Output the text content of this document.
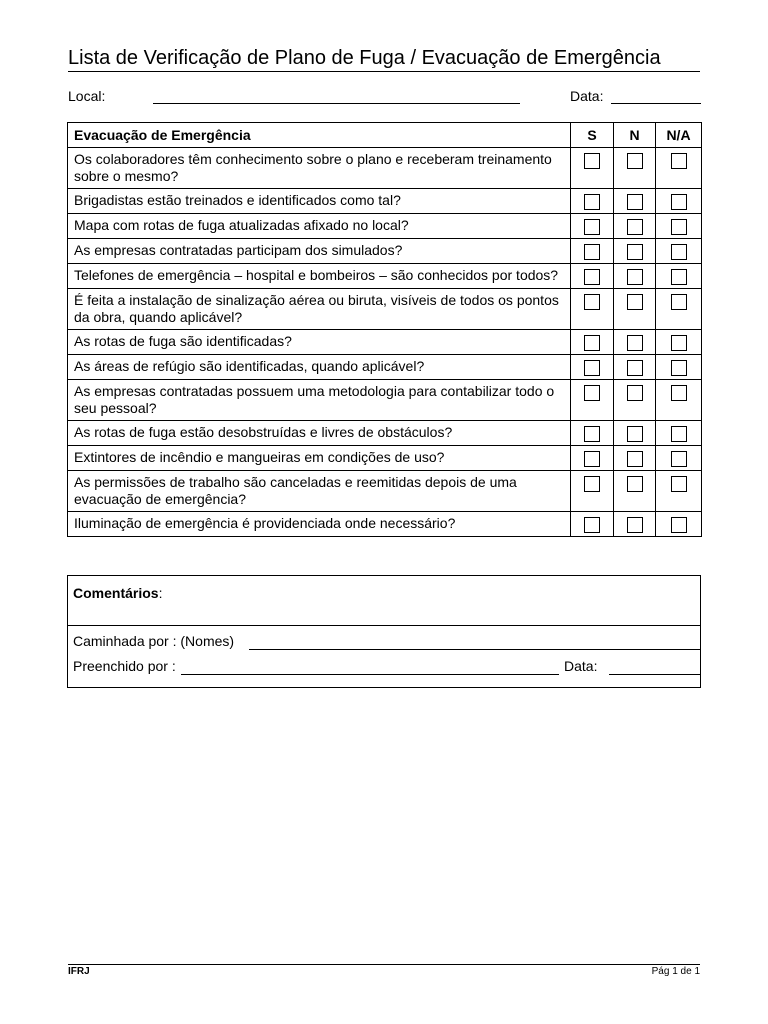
Lista de Verificação de Plano de Fuga / Evacuação de Emergência
Local:	Data:
Evacuação de Emergência	S	N	N/A
Os colaboradores têm conhecimento sobre o plano e receberam treinamento sobre o mesmo?			
Brigadistas estão treinados e identificados como tal?			
Mapa com rotas de fuga atualizadas afixado no local?			
As empresas contratadas participam dos simulados?			
Telefones de emergência – hospital e bombeiros – são conhecidos por todos?			
É feita a instalação de sinalização aérea ou biruta, visíveis de todos os pontos da obra, quando aplicável?			
As rotas de fuga são identificadas?			
As áreas de refúgio são identificadas, quando aplicável?			
As empresas contratadas possuem uma metodologia para contabilizar todo o seu pessoal?			
As rotas de fuga estão desobstruídas e livres de obstáculos?			
Extintores de incêndio e mangueiras em condições de uso?			
As permissões de trabalho são canceladas e reemitidas depois de uma evacuação de emergência?			
Iluminação de emergência é providenciada onde necessário?			
Comentários:
Caminhada por : (Nomes)
Preenchido por :	Data:
IFRJ	Pág 1 de 1
